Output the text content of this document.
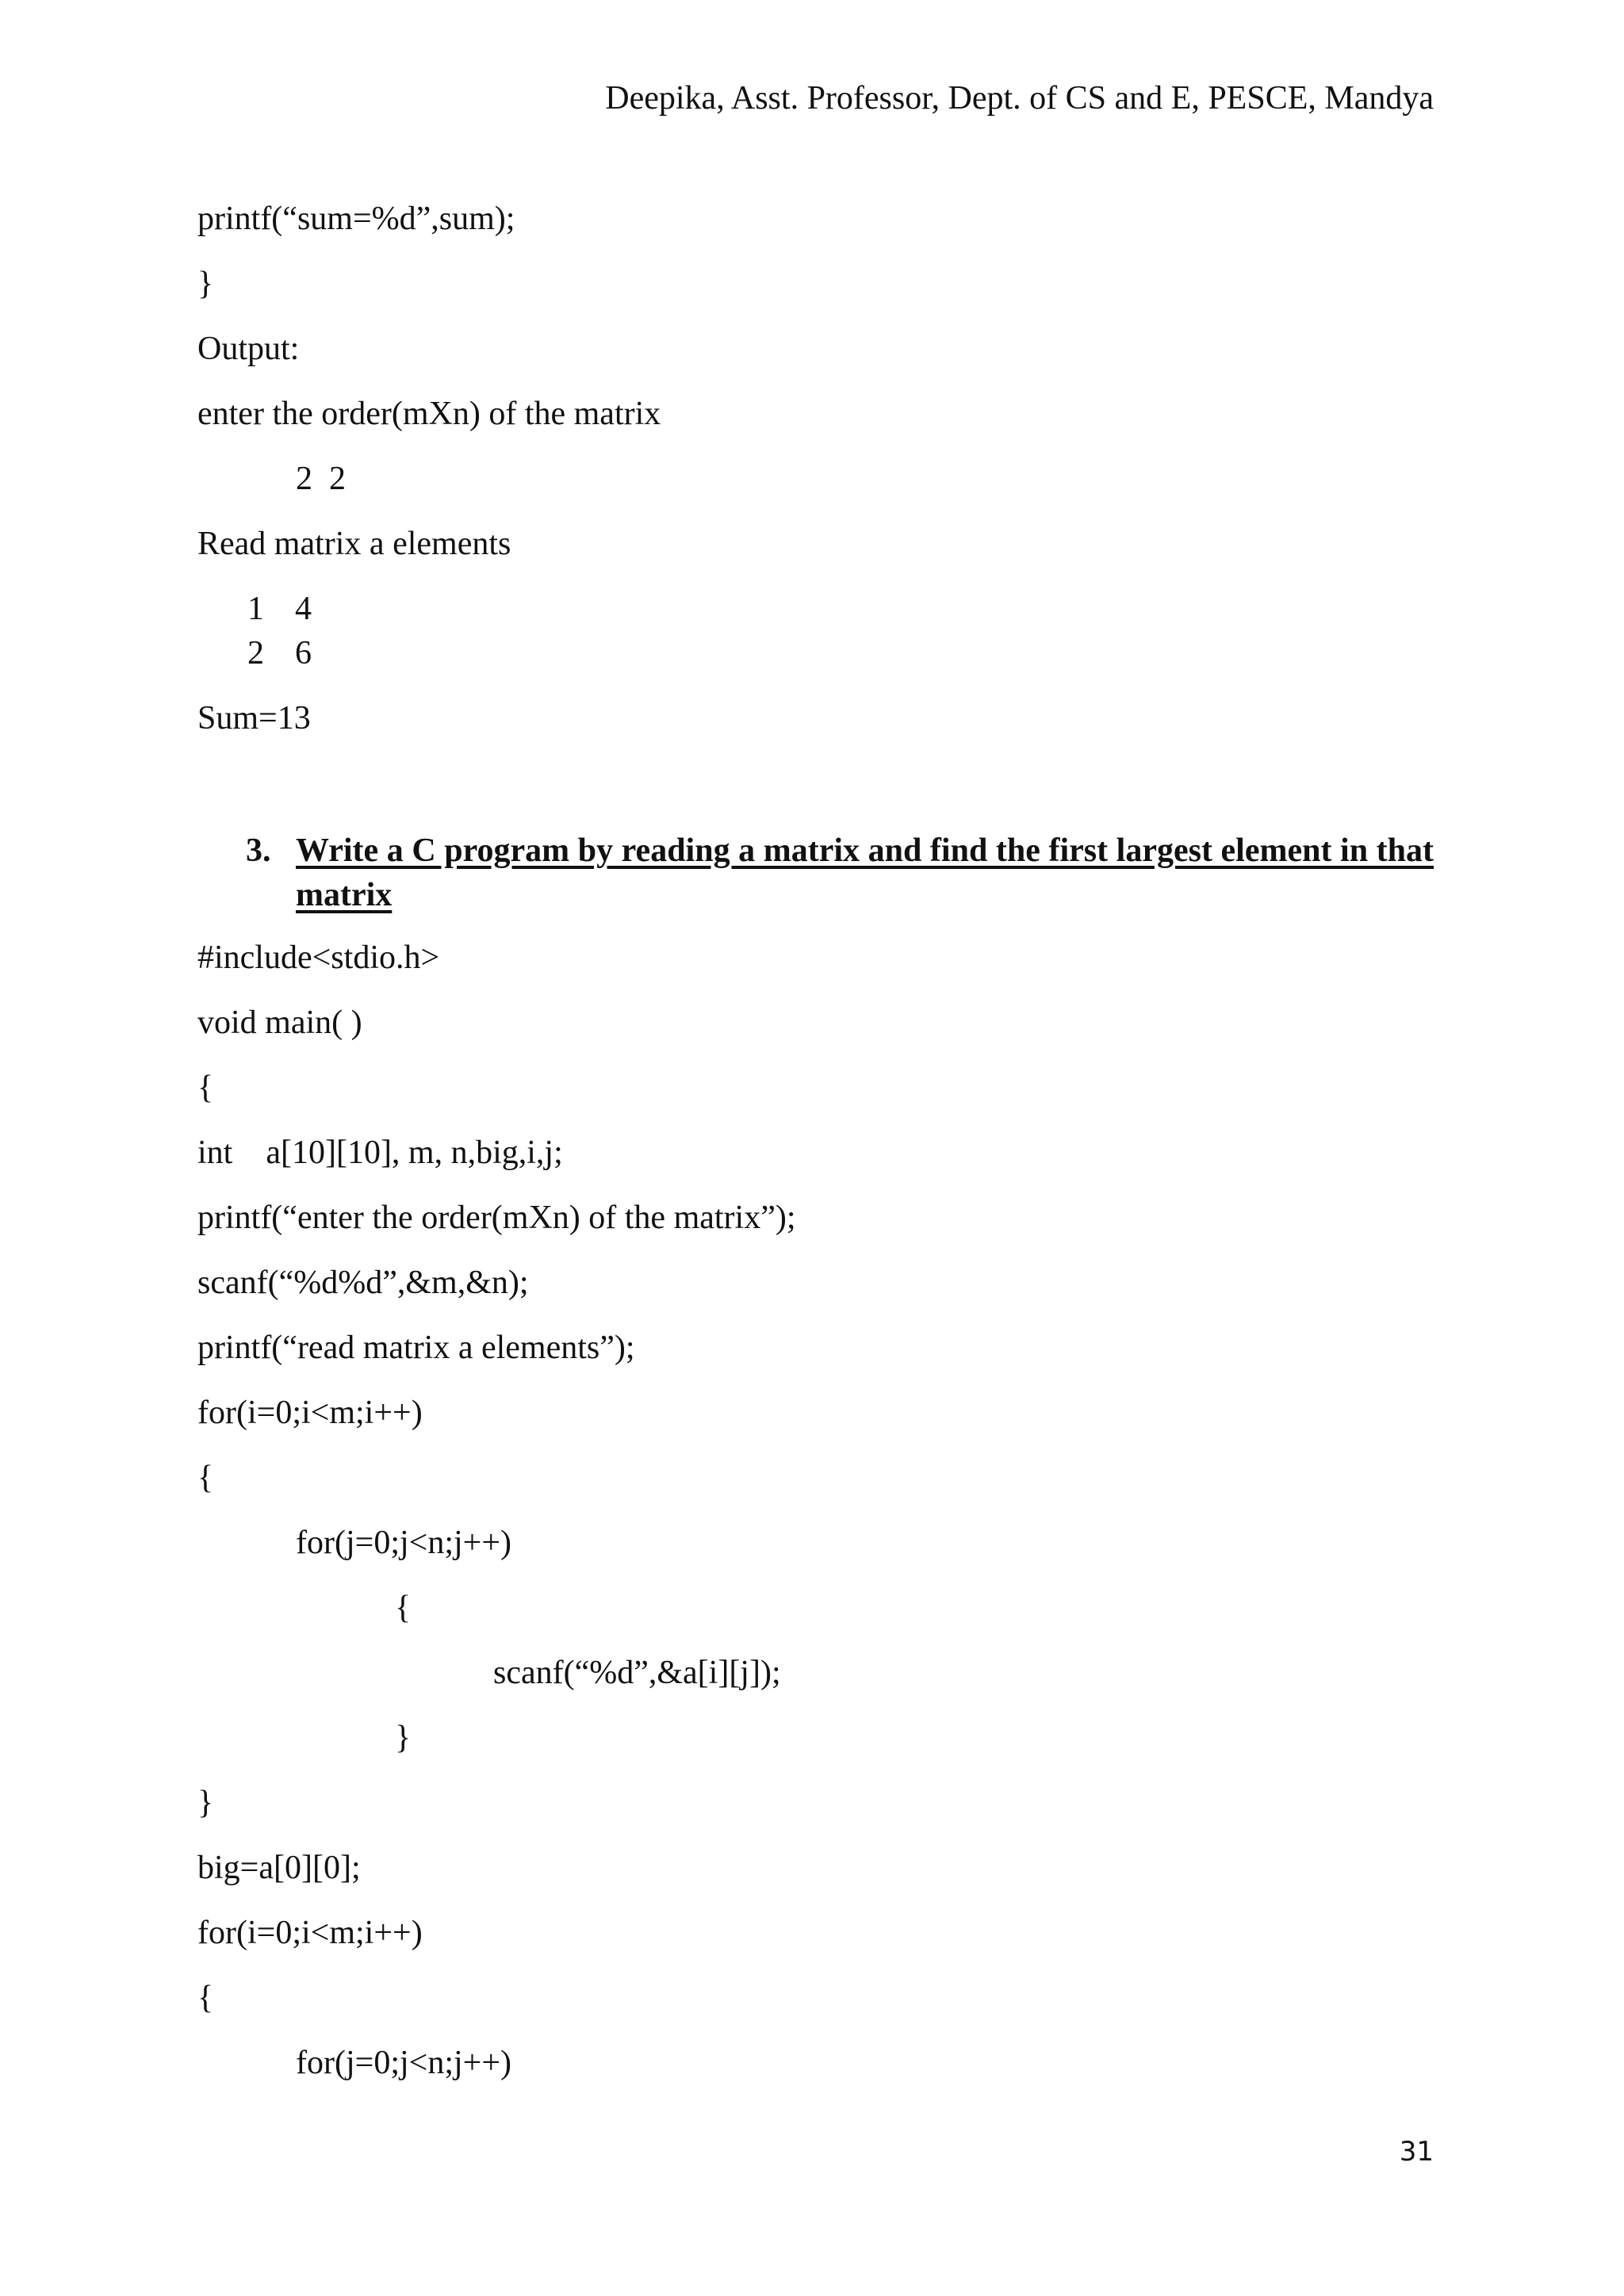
Deepika, Asst. Professor, Dept. of CS and E, PESCE, Mandya
printf(“sum=%d”,sum);
}
Output:
enter the order(mXn) of the matrix
2  2
Read matrix a elements
1 4
2 6
Sum=13
3. Write a C program by reading a matrix and find the first largest element in that matrix
#include<stdio.h>
void main( )
{
int    a[10][10], m, n,big,i,j;
printf(“enter the order(mXn) of the matrix”);
scanf(“%d%d”,&m,&n);
printf(“read matrix a elements”);
for(i=0;i<m;i++)
{
for(j=0;j<n;j++)
{
scanf(“%d”,&a[i][j]);
}
}
big=a[0][0];
for(i=0;i<m;i++)
{
for(j=0;j<n;j++)
31
